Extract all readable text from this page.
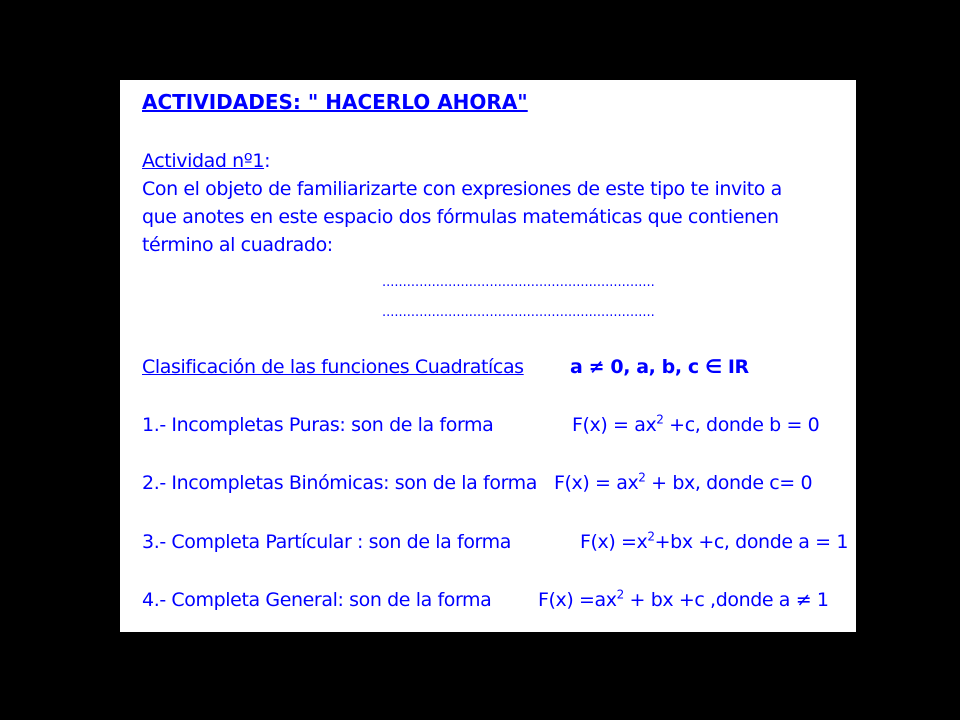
ACTIVIDADES: " HACERLO AHORA"
Actividad nº1:
Con el objeto de familiarizarte con expresiones de este tipo te invito a
que anotes en este espacio dos fórmulas matemáticas que contienen
término al cuadrado:
..................................................................
..................................................................
Clasificación de las funciones Cuadratícas a ≠ 0, a, b, c ∈ IR
1.- Incompletas Puras: son de la forma	$F(x) = ax^2 +c$, donde b = 0
2.- Incompletas Binómicas: son de la forma $F(x) = ax^2$ + bx, donde c= 0
3.- Completa Partícular : son de la forma	$F(x) =x^2+bx +c$, donde a = 1
4.- Completa General: son de la forma $F(x) =ax^2$ + bx +c ,donde a ≠ 1
